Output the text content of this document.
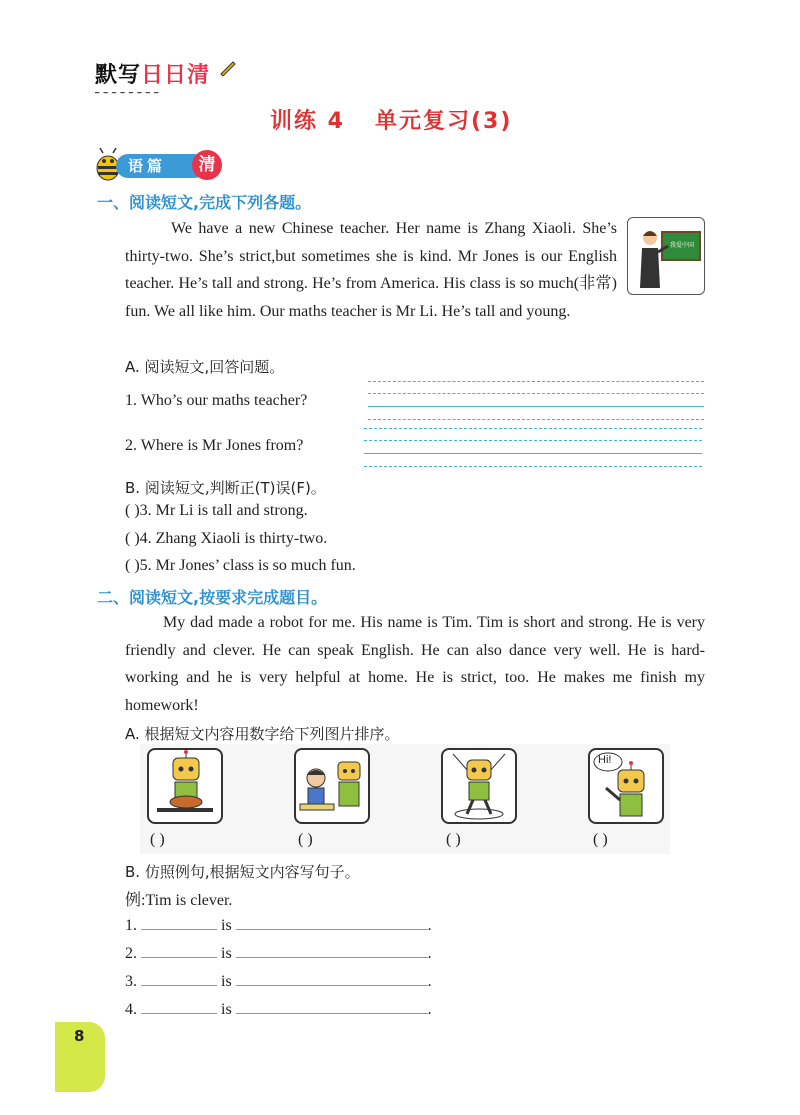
默写日日清
━ ━ ━ ━ ━ ━ ━ ━
训练 4 单元复习(3)
语篇	清
一、阅读短文,完成下列各题。
We have a new Chinese teacher. Her name is Zhang Xiaoli. She’s thirty-two. She’s strict,but sometimes she is kind. Mr Jones is our English teacher. He’s tall and strong. He’s from America. His class is so much(非常) fun. We all like him. Our maths teacher is Mr Li. He’s tall and young.
我爱中国
A. 阅读短文,回答问题。
1. Who’s our maths teacher?
2. Where is Mr Jones from?
B. 阅读短文,判断正(T)误(F)。
( )3. Mr Li is tall and strong.
( )4. Zhang Xiaoli is thirty-two.
( )5. Mr Jones’ class is so much fun.
二、阅读短文,按要求完成题目。
My dad made a robot for me. His name is Tim. Tim is short and strong. He is very friendly and clever. He can speak English. He can also dance very well. He is hard-working and he is very helpful at home. He is strict, too. He makes me finish my homework!
A. 根据短文内容用数字给下列图片排序。
Hi!
( )	( )	( )	( )
B. 仿照例句,根据短文内容写句子。
例:Tim is clever.
1.	is	.
2.	is	.
3.	is	.
4.	is	.
8
